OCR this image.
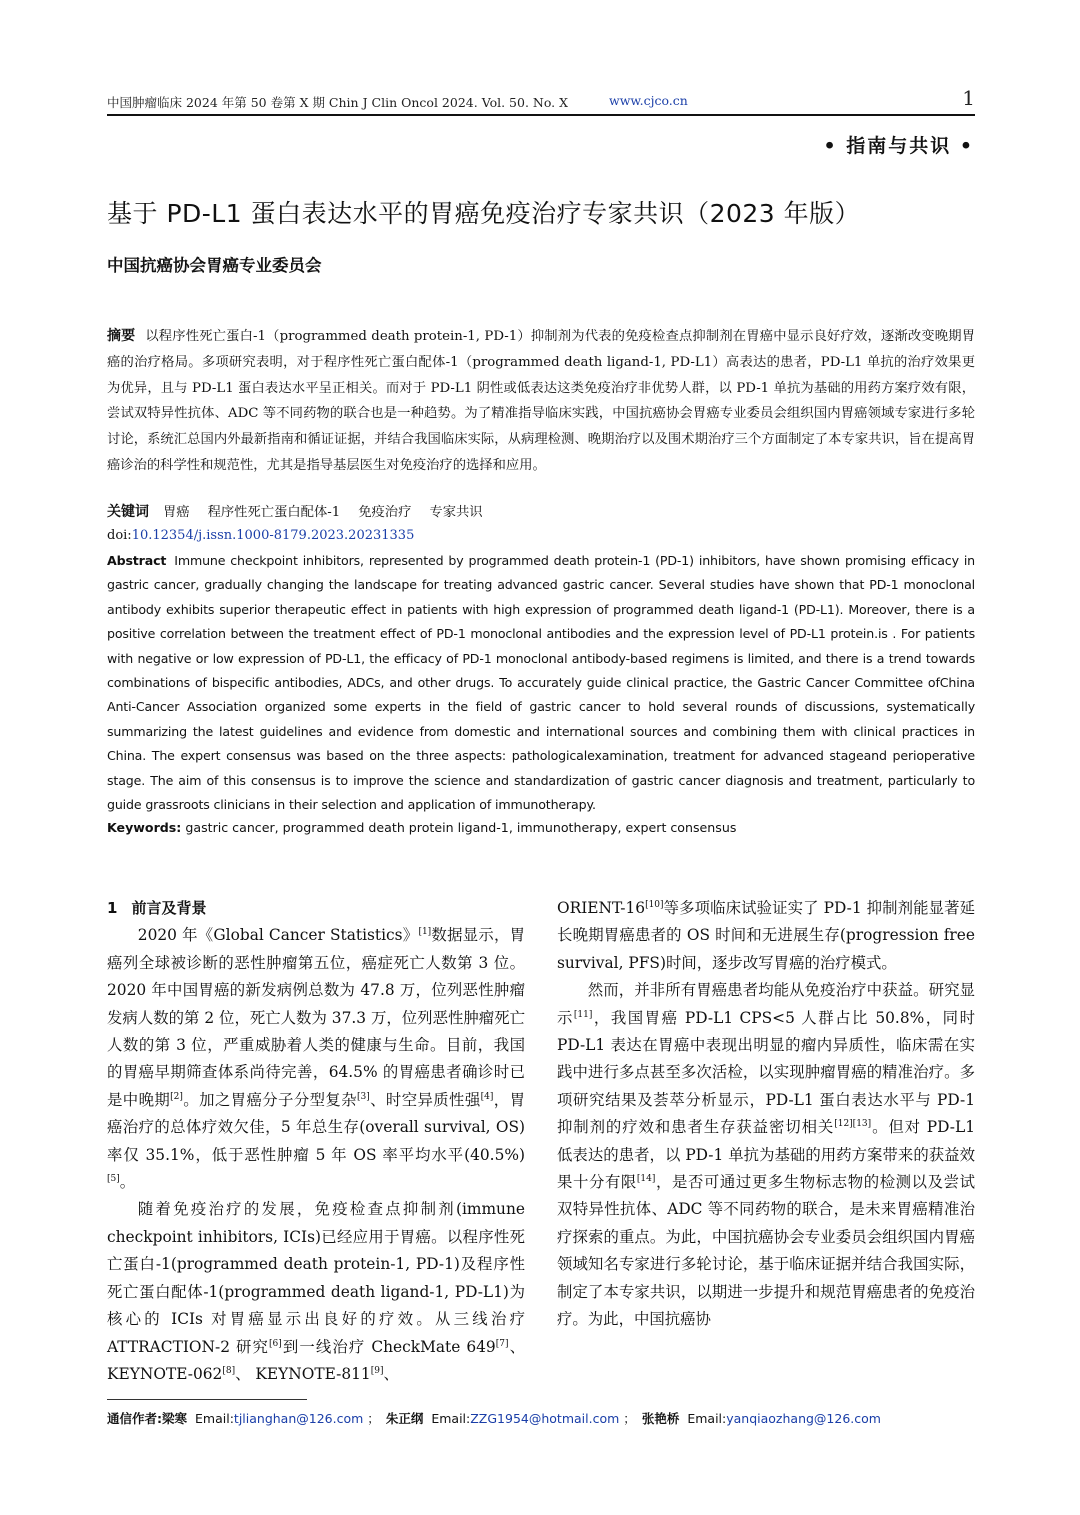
中国肿瘤临床 2024 年第 50 卷第 X 期 Chin J Clin Oncol 2024. Vol. 50. No. X	www.cjco.cn	1
• 指南与共识 •
基于 PD-L1 蛋白表达水平的胃癌免疫治疗专家共识（2023 年版）
中国抗癌协会胃癌专业委员会
摘要 以程序性死亡蛋白-1（programmed death protein-1, PD-1）抑制剂为代表的免疫检查点抑制剂在胃癌中显示良好疗效，逐渐改变晚期胃癌的治疗格局。多项研究表明，对于程序性死亡蛋白配体-1（programmed death ligand-1, PD-L1）高表达的患者，PD-L1 单抗的治疗效果更为优异，且与 PD-L1 蛋白表达水平呈正相关。而对于 PD-L1 阴性或低表达这类免疫治疗非优势人群，以 PD-1 单抗为基础的用药方案疗效有限，尝试双特异性抗体、ADC 等不同药物的联合也是一种趋势。为了精准指导临床实践，中国抗癌协会胃癌专业委员会组织国内胃癌领域专家进行多轮讨论，系统汇总国内外最新指南和循证证据，并结合我国临床实际，从病理检测、晚期治疗以及围术期治疗三个方面制定了本专家共识，旨在提高胃癌诊治的科学性和规范性，尤其是指导基层医生对免疫治疗的选择和应用。
关键词 胃癌 程序性死亡蛋白配体-1 免疫治疗 专家共识
doi:10.12354/j.issn.1000-8179.2023.20231335
Abstract Immune checkpoint inhibitors, represented by programmed death protein-1 (PD-1) inhibitors, have shown promising efficacy in gastric cancer, gradually changing the landscape for treating advanced gastric cancer. Several studies have shown that PD-1 monoclonal antibody exhibits superior therapeutic effect in patients with high expression of programmed death ligand-1 (PD-L1). Moreover, there is a positive correlation between the treatment effect of PD-1 monoclonal antibodies and the expression level of PD-L1 protein.is . For patients with negative or low expression of PD-L1, the efficacy of PD-1 monoclonal antibody-based regimens is limited, and there is a trend towards combinations of bispecific antibodies, ADCs, and other drugs. To accurately guide clinical practice, the Gastric Cancer Committee ofChina Anti-Cancer Association organized some experts in the field of gastric cancer to hold several rounds of discussions, systematically summarizing the latest guidelines and evidence from domestic and international sources and combining them with clinical practices in China. The expert consensus was based on the three aspects: pathologicalexamination, treatment for advanced stageand perioperative stage. The aim of this consensus is to improve the science and standardization of gastric cancer diagnosis and treatment, particularly to guide grassroots clinicians in their selection and application of immunotherapy.
Keywords: gastric cancer, programmed death protein ligand-1, immunotherapy, expert consensus
1 前言及背景

2020 年《Global Cancer Statistics》[1]数据显示，胃癌列全球被诊断的恶性肿瘤第五位，癌症死亡人数第 3 位。2020 年中国胃癌的新发病例总数为 47.8 万，位列恶性肿瘤发病人数的第 2 位，死亡人数为 37.3 万，位列恶性肿瘤死亡人数的第 3 位，严重威胁着人类的健康与生命。目前，我国的胃癌早期筛查体系尚待完善，64.5% 的胃癌患者确诊时已是中晚期[2]。加之胃癌分子分型复杂[3]、时空异质性强[4]，胃癌治疗的总体疗效欠佳，5 年总生存(overall survival, OS)率仅 35.1%，低于恶性肿瘤 5 年 OS 率平均水平(40.5%)[5]。

随着免疫治疗的发展，免疫检查点抑制剂(immune checkpoint inhibitors, ICIs)已经应用于胃癌。以程序性死亡蛋白-1(programmed death protein-1, PD-1)及程序性死亡蛋白配体-1(programmed death ligand-1, PD-L1)为核心的 ICIs 对胃癌显示出良好的疗效。从三线治疗 ATTRACTION-2 研究[6]到一线治疗 CheckMate 649[7]、 KEYNOTE-062[8]、 KEYNOTE-811[9]、

ORIENT-16[10]等多项临床试验证实了 PD-1 抑制剂能显著延长晚期胃癌患者的 OS 时间和无进展生存(progression free survival, PFS)时间，逐步改写胃癌的治疗模式。

然而，并非所有胃癌患者均能从免疫治疗中获益。研究显示[11]，我国胃癌 PD-L1 CPS<5 人群占比 50.8%，同时 PD-L1 表达在胃癌中表现出明显的瘤内异质性，临床需在实践中进行多点甚至多次活检，以实现肿瘤胃癌的精准治疗。多项研究结果及荟萃分析显示，PD-L1 蛋白表达水平与 PD-1 抑制剂的疗效和患者生存获益密切相关[12][13]。但对 PD-L1 低表达的患者，以 PD-1 单抗为基础的用药方案带来的获益效果十分有限[14]，是否可通过更多生物标志物的检测以及尝试双特异性抗体、ADC 等不同药物的联合，是未来胃癌精准治疗探索的重点。为此，中国抗癌协会专业委员会组织国内胃癌领域知名专家进行多轮讨论，基于临床证据并结合我国实际，制定了本专家共识，以期进一步提升和规范胃癌患者的免疫治疗。为此，中国抗癌协

通信作者:梁寒 Email:tjlianghan@126.com ； 朱正纲 Email:ZZG1954@hotmail.com ； 张艳桥 Email:yanqiaozhang@126.com
